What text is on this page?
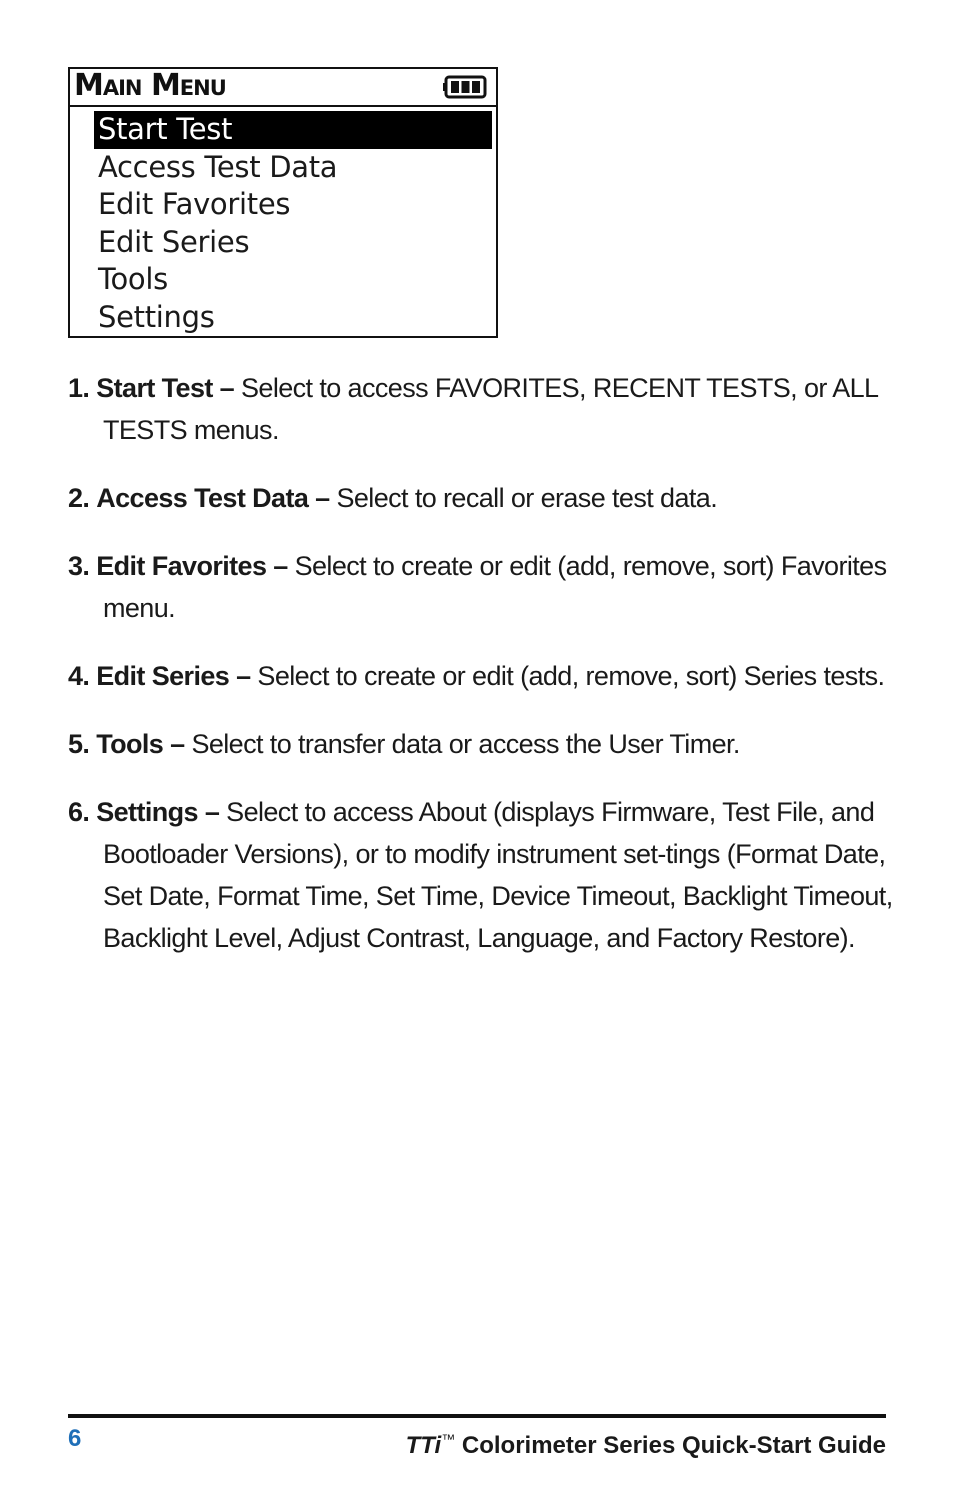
Main Menu
Start Test
Access Test Data
Edit Favorites
Edit Series
Tools
Settings
1. Start Test – Select to access FAVORITES, RECENT TESTS, or ALL TESTS menus.
2. Access Test Data – Select to recall or erase test data.
3. Edit Favorites – Select to create or edit (add, remove, sort) Favorites menu.
4. Edit Series – Select to create or edit (add, remove, sort) Series tests.
5. Tools – Select to transfer data or access the User Timer.
6. Settings – Select to access About (displays Firmware, Test File, and Bootloader Versions), or to modify instrument set-tings (Format Date, Set Date, Format Time, Set Time, Device Timeout, Backlight Timeout, Backlight Level, Adjust Contrast, Language, and Factory Restore).
6	TTi™ Colorimeter Series Quick-Start Guide
